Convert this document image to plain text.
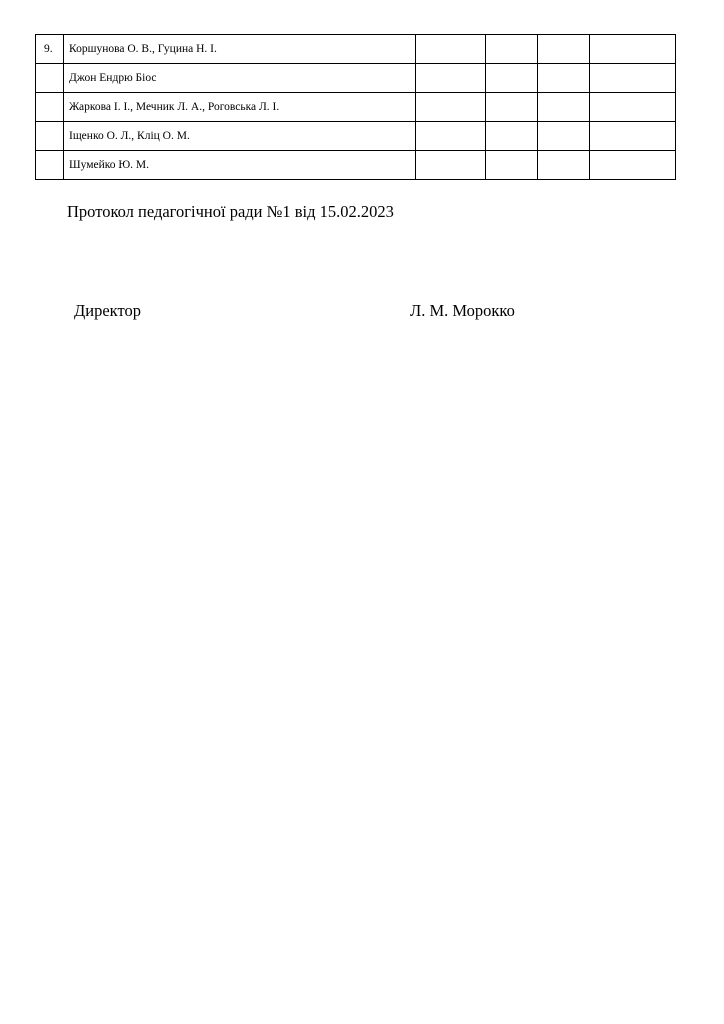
9.	Коршунова О. В., Гуцина Н. І.				
	Джон Ендрю Біос				
	Жаркова І. І., Мечник Л. А., Роговська Л. І.				
	Іщенко О. Л., Кліц О. М.				
	Шумейко Ю. М.				
Протокол педагогічної ради №1 від 15.02.2023
Директор	Л. М. Морокко
